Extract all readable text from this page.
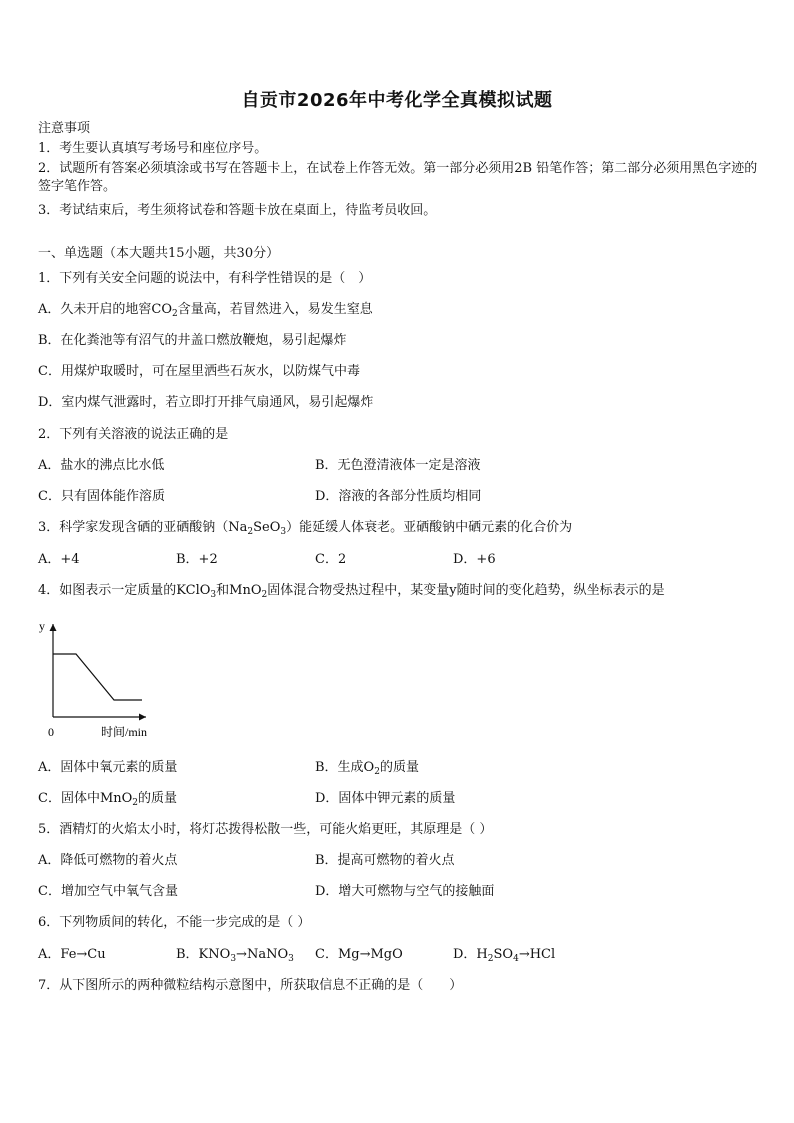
自贡市2026年中考化学全真模拟试题
注意事项
1．考生要认真填写考场号和座位序号。
2．试题所有答案必须填涂或书写在答题卡上，在试卷上作答无效。第一部分必须用2B 铅笔作答；第二部分必须用黑色字迹的签字笔作答。
3．考试结束后，考生须将试卷和答题卡放在桌面上，待监考员收回。
一、单选题（本大题共15小题，共30分）
1．下列有关安全问题的说法中，有科学性错误的是（　）
A．久未开启的地窖$CO_2$含量高，若冒然进入，易发生窒息
B．在化粪池等有沼气的井盖口燃放鞭炮，易引起爆炸
C．用煤炉取暖时，可在屋里洒些石灰水，以防煤气中毒
D．室内煤气泄露时，若立即打开排气扇通风，易引起爆炸
2．下列有关溶液的说法正确的是
A．盐水的沸点比水低	B．无色澄清液体一定是溶液
C．只有固体能作溶质	D．溶液的各部分性质均相同
3．科学家发现含硒的亚硒酸钠$(Na_2SeO_3)$能延缓人体衰老。亚硒酸钠中硒元素的化合价为
A．+4	B．+2	C．2	D．+6
4．如图表示一定质量的KClO$_3$和MnO$_2$固体混合物受热过程中，某变量y随时间的变化趋势，纵坐标表示的是
y
0	时间/min
A．固体中氧元素的质量	B．生成$O_2$的质量
C．固体中MnO$_2$的质量	D．固体中钾元素的质量
5．酒精灯的火焰太小时，将灯芯拨得松散一些，可能火焰更旺，其原理是（ ）
A．降低可燃物的着火点	B．提高可燃物的着火点
C．增加空气中氧气含量	D．增大可燃物与空气的接触面
6．下列物质间的转化，不能一步完成的是（ ）
A．Fe→Cu	B．$KNO_3\to NaNO_3$ C．Mg→MgO	D．$H_2SO_4\to HCl$
7．从下图所示的两种微粒结构示意图中，所获取信息不正确的是（　　）
